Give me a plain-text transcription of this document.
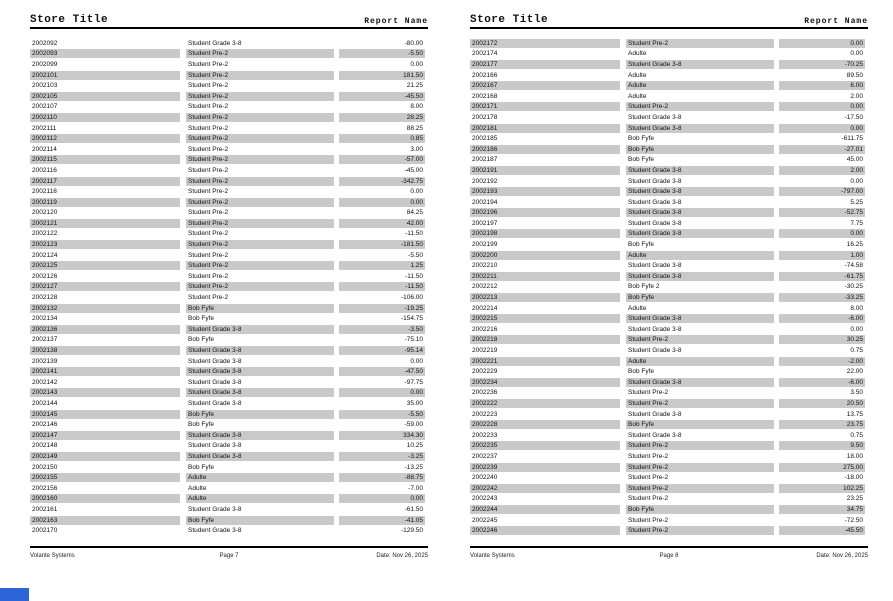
Store Title	Report Name
2002092	Student Grade 3-8	-80.00
2002093	Student Pre-2	-5.50
2002099	Student Pre-2	0.00
2002101	Student Pre-2	181.50
2002103	Student Pre-2	21.25
2002105	Student Pre-2	-45.50
2002107	Student Pre-2	8.00
2002110	Student Pre-2	28.25
2002111	Student Pre-2	88.25
2002112	Student Pre-2	0.85
2002114	Student Pre-2	3.00
2002115	Student Pre-2	-57.00
2002116	Student Pre-2	-45.00
2002117	Student Pre-2	-342.75
2002118	Student Pre-2	0.00
2002119	Student Pre-2	0.00
2002120	Student Pre-2	84.25
2002121	Student Pre-2	42.00
2002122	Student Pre-2	-11.50
2002123	Student Pre-2	-181.50
2002124	Student Pre-2	-5.50
2002125	Student Pre-2	1.25
2002126	Student Pre-2	-11.50
2002127	Student Pre-2	-11.50
2002128	Student Pre-2	-106.00
2002132	Bob Fyfe	-19.25
2002134	Bob Fyfe	-154.75
2002136	Student Grade 3-8	-3.50
2002137	Bob Fyfe	-75.10
2002138	Student Grade 3-8	-95.14
2002139	Student Grade 3-8	0.00
2002141	Student Grade 3-8	-47.50
2002142	Student Grade 3-8	-97.75
2002143	Student Grade 3-8	0.00
2002144	Student Grade 3-8	35.00
2002145	Bob Fyfe	-5.50
2002146	Bob Fyfe	-59.00
2002147	Student Grade 3-8	334.30
2002148	Student Grade 3-8	10.25
2002149	Student Grade 3-8	-3.25
2002150	Bob Fyfe	-13.25
2002155	Adulte	-88.75
2002156	Adulte	-7.00
2002160	Adulte	0.00
2002161	Student Grade 3-8	-61.50
2002163	Bob Fyfe	-41.05
2002170	Student Grade 3-8	-129.50
Volante Systems	Page 7	Date: Nov 26, 2025
Store Title	Report Name
2002172	Student Pre-2	0.00
2002174	Adulte	0.00
2002177	Student Grade 3-8	-70.25
2002166	Adulte	89.50
2002167	Adulte	6.00
2002168	Adulte	2.00
2002171	Student Pre-2	0.00
2002178	Student Grade 3-8	-17.50
2002181	Student Grade 3-8	0.00
2002185	Bob Fyfe	-611.75
2002186	Bob Fyfe	-27.01
2002187	Bob Fyfe	45.00
2002191	Student Grade 3-8	2.00
2002192	Student Grade 3-8	0.00
2002193	Student Grade 3-8	-797.00
2002194	Student Grade 3-8	5.25
2002196	Student Grade 3-8	-52.75
2002197	Student Grade 3-8	7.75
2002198	Student Grade 3-8	0.00
2002199	Bob Fyfe	16.25
2002200	Adulte	1.00
2002210	Student Grade 3-8	-74.58
2002211	Student Grade 3-8	-61.75
2002212	Bob Fyfe 2	-30.25
2002213	Bob Fyfe	-33.25
2002214	Adulte	8.00
2002215	Student Grade 3-8	-6.00
2002216	Student Grade 3-8	0.00
2002218	Student Pre-2	30.25
2002219	Student Grade 3-8	0.75
2002221	Adulte	-2.00
2002229	Bob Fyfe	22.00
2002234	Student Grade 3-8	-6.00
2002236	Student Pre-2	3.50
2002222	Student Pre-2	20.50
2002223	Student Grade 3-8	13.75
2002228	Bob Fyfe	23.75
2002233	Student Grade 3-8	0.75
2002235	Student Pre-2	9.50
2002237	Student Pre-2	18.00
2002239	Student Pre-2	275.00
2002240	Student Pre-2	-18.00
2002242	Student Pre-2	102.25
2002243	Student Pre-2	23.25
2002244	Bob Fyfe	34.75
2002245	Student Pre-2	-72.50
2002246	Student Pre-2	-45.50
Volante Systems	Page 8	Date: Nov 26, 2025
